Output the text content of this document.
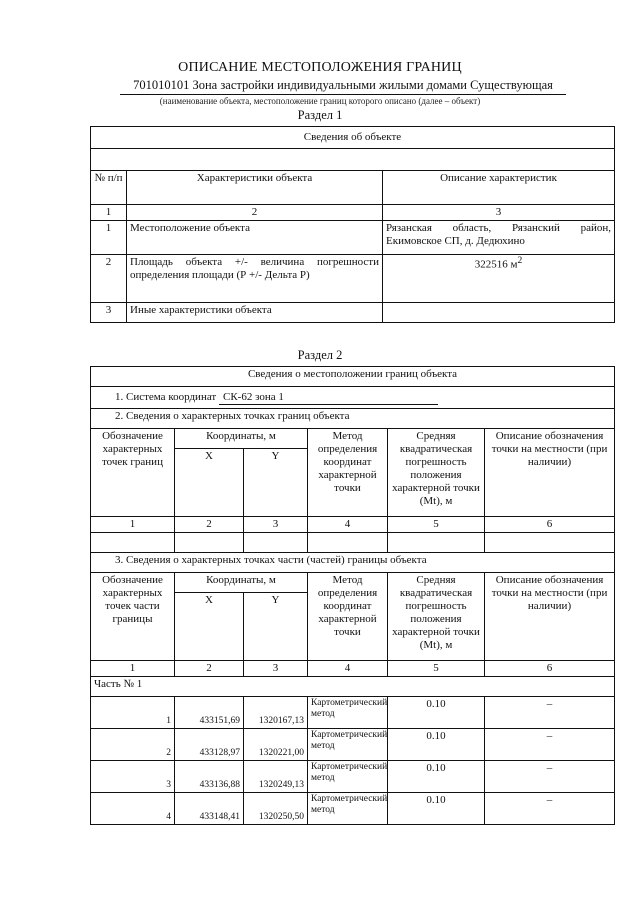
ОПИСАНИЕ МЕСТОПОЛОЖЕНИЯ ГРАНИЦ
701010101 Зона застройки индивидуальными жилыми домами Существующая
(наименование объекта, местоположение границ которого описано (далее – объект)
Раздел 1
Сведения об объекте		

№ п/п	Характеристики объекта	Описание характеристик
1	2	3
1	Местоположение объекта	Рязанская область, Рязанский район, Екимовское СП, д. Дедюхино
2	Площадь объекта +/- величина погрешности определения площади (Р +/- Дельта Р)	322516 $м^2$
3	Иные характеристики объекта	
Раздел 2
Сведения о местоположении границ объекта					
1. Система координат СК-62 зона 1					
2. Сведения о характерных точках границ объекта					
Обозначение характерных точек границ	Координаты, м		Метод определения координат характерной точки	Средняя квадратическая погрешность положения характерной точки (Mt), м	Описание обозначения точки на местности (при наличии)
	X	Y			
1	2	3	4	5	6

3. Сведения о характерных точках части (частей) границы объекта					
Обозначение характерных точек части границы	Координаты, м		Метод определения координат характерной точки	Средняя квадратическая погрешность положения характерной точки (Mt), м	Описание обозначения точки на местности (при наличии)
	X	Y			
1	2	3	4	5	6
Часть № 1					
1	433151,69	1320167,13	Картометрический метод	0.10	–
2	433128,97	1320221,00	Картометрический метод	0.10	–
3	433136,88	1320249,13	Картометрический метод	0.10	–
4	433148,41	1320250,50	Картометрический метод	0.10	–
